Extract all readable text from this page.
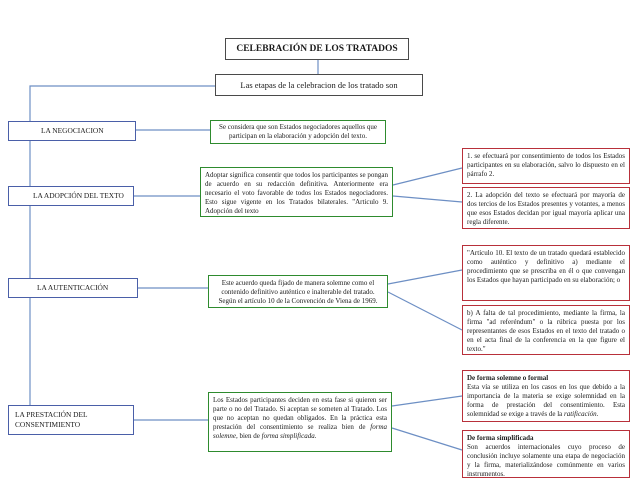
CELEBRACIÓN DE LOS TRATADOS
Las etapas de la celebracion de los tratado son
LA NEGOCIACION
LA ADOPCIÓN DEL TEXTO
LA AUTENTICACIÓN
LA PRESTACIÓN DEL
CONSENTIMIENTO
Se considera que son Estados negociadores aquellos que participan en la elaboración y adopción del texto.
Adoptar significa consentir que todos los participantes se pongan de acuerdo en su redacción definitiva. Anteriormente era necesario el voto favorable de todos los Estados negociadores. Esto sigue vigente en los Tratados bilaterales. "Articulo 9. Adopción del texto
Este acuerdo queda fijado de manera solemne como el contenido definitivo auténtico e inalterable del tratado. Según el artículo 10 de la Convención de Viena de 1969.
Los Estados participantes deciden en esta fase si quieren ser parte o no del Tratado. Si aceptan se someten al Tratado. Los que no aceptan no quedan obligados. En la práctica esta prestación del consentimiento se realiza bien de forma solemne, bien de forma simplificada.
1. se efectuará por consentimiento de todos los Estados participantes en su elaboración, salvo lo dispuesto en el párrafo 2.
2. La adopción del texto se efectuará por mayoría de dos tercios de los Estados presentes y votantes, a menos que esos Estados decidan por igual mayoría aplicar una regla diferente.
"Artículo 10. El texto de un tratado quedará establecido como auténtico y definitivo a) mediante el procedimiento que se prescriba en él o que convengan los Estados que hayan participado en su elaboración; o
b) A falta de tal procedimiento, mediante la firma, la firma "ad referéndum" o la rúbrica puesta por los representantes de esos Estados en el texto del tratado o en el acta final de la conferencia en la que figure el texto."
De forma solemne o formal
Esta vía se utiliza en los casos en los que debido a la importancia de la materia se exige solemnidad en la forma de prestación del consentimiento. Esta solemnidad se exige a través de la ratificación.
De forma simplificada
Son acuerdos internacionales cuyo proceso de conclusión incluye solamente una etapa de negociación y la firma, materializándose comúnmente en varios instrumentos.
